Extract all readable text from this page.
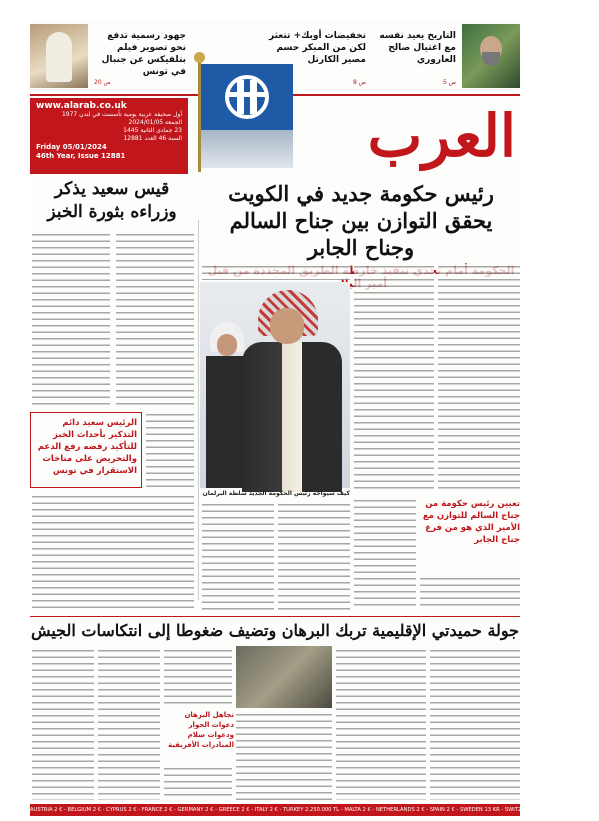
التاريخ يعيد نفسه مع اغتيال صالح العاروري
ص 5
تخفيضات أوبك+ تتعثر لكن من المبكر حسم مصير الكارتل
ص 8
جهود رسمية تدفع نحو تصوير فيلم بتلفيكس عن جنبال في تونس
ص 20
www.alarab.co.uk
أول صحيفة عربية يومية تأسست في لندن 1977
الجمعة 2024/01/05
23 جمادى الثانية 1445
السنة 46 العدد 12881
Friday 05/01/2024
46th Year, Issue 12881	العرب
رئيس حكومة جديد في الكويت يحقق التوازن بين جناح السالم وجناح الجابر
قيس سعيد يذكر وزراءه بثورة الخبز
الرئيس سعيد دائم التذكير بأحداث الخبز للتأكيد رفضه رفع الدعم والتحريض على مناخات الاستقرار في تونس
كيف سيواجه رئيس الحكومة الجديد سلطة البرلمان
تعيين رئيس حكومة من جناح السالم للتوازن مع الأمير الذي هو من فرع جناح الجابر
جولة حميدتي الإقليمية تربك البرهان وتضيف ضغوطا إلى انتكاسات الجيش
تجاهل البرهان دعوات الحوار ودعوات سلام المبادرات الأفريقية
AUSTRIA 2 € - BELGIUM 2 € - CYPRUS 2 € - FRANCE 2 € - GERMANY 2 € - GREECE 2 € - ITALY 2 € - TURKEY 2.250.000 TL - MALTA 2 € - NETHERLANDS 2 € - SPAIN 2 € - SWEDEN 13 KR - SWITZERLAND 3SF - USA $3 - UK £1
